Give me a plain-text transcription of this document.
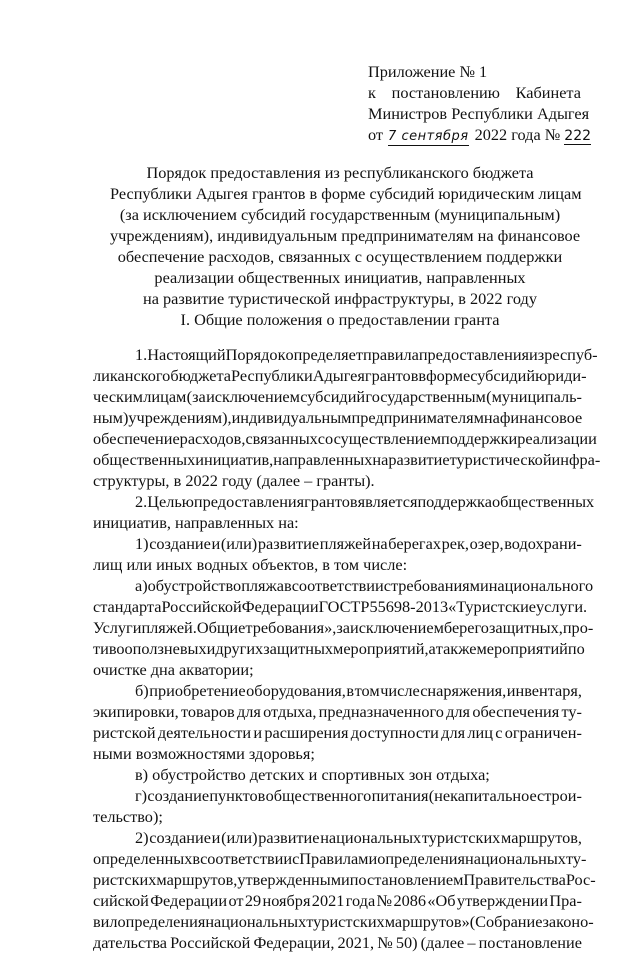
Приложение № 1
к постановлению Кабинета
Министров Республики Адыгея
от 7 сентября 2022 года № 222
Порядок предоставления из республиканского бюджета
Республики Адыгея грантов в форме субсидий юридическим лицам
(за исключением субсидий государственным (муниципальным)
учреждениям), индивидуальным предпринимателям на финансовое
обеспечение расходов, связанных с осуществлением поддержки
реализации общественных инициатив, направленных
на развитие туристической инфраструктуры, в 2022 году
I. Общие положения о предоставлении гранта
1. Настоящий Порядок определяет правила предоставления из респуб-
ликанского бюджета Республики Адыгея грантов в форме субсидий юриди-
ческим лицам (за исключением субсидий государственным (муниципаль-
ным) учреждениям), индивидуальным предпринимателям на финансовое
обеспечение расходов, связанных с осуществлением поддержки реализации
общественных инициатив, направленных на развитие туристической инфра-
структуры, в 2022 году (далее – гранты).
2. Целью предоставления грантов является поддержка общественных
инициатив, направленных на:
1) создание и (или) развитие пляжей на берегах рек, озер, водохрани-
лищ или иных водных объектов, в том числе:
а) обустройство пляжа в соответствии с требованиями национального
стандарта Российской Федерации ГОСТ Р 55698-2013 «Туристские услуги.
Услуги пляжей. Общие требования», за исключением берегозащитных, про-
тивооползневых и других защитных мероприятий, а также мероприятий по
очистке дна акватории;
б) приобретение оборудования, в том числе снаряжения, инвентаря,
экипировки, товаров для отдыха, предназначенного для обеспечения ту-
ристской деятельности и расширения доступности для лиц с ограничен-
ными возможностями здоровья;
в) обустройство детских и спортивных зон отдыха;
г) создание пунктов общественного питания (некапитальное строи-
тельство);
2) создание и (или) развитие национальных туристских маршрутов,
определенных в соответствии с Правилами определения национальных ту-
ристских маршрутов, утвержденными постановлением Правительства Рос-
сийской Федерации от 29 ноября 2021 года № 2086 «Об утверждении Пра-
вил определения национальных туристских маршрутов» (Собрание законо-
дательства Российской Федерации, 2021, № 50) (далее – постановление
